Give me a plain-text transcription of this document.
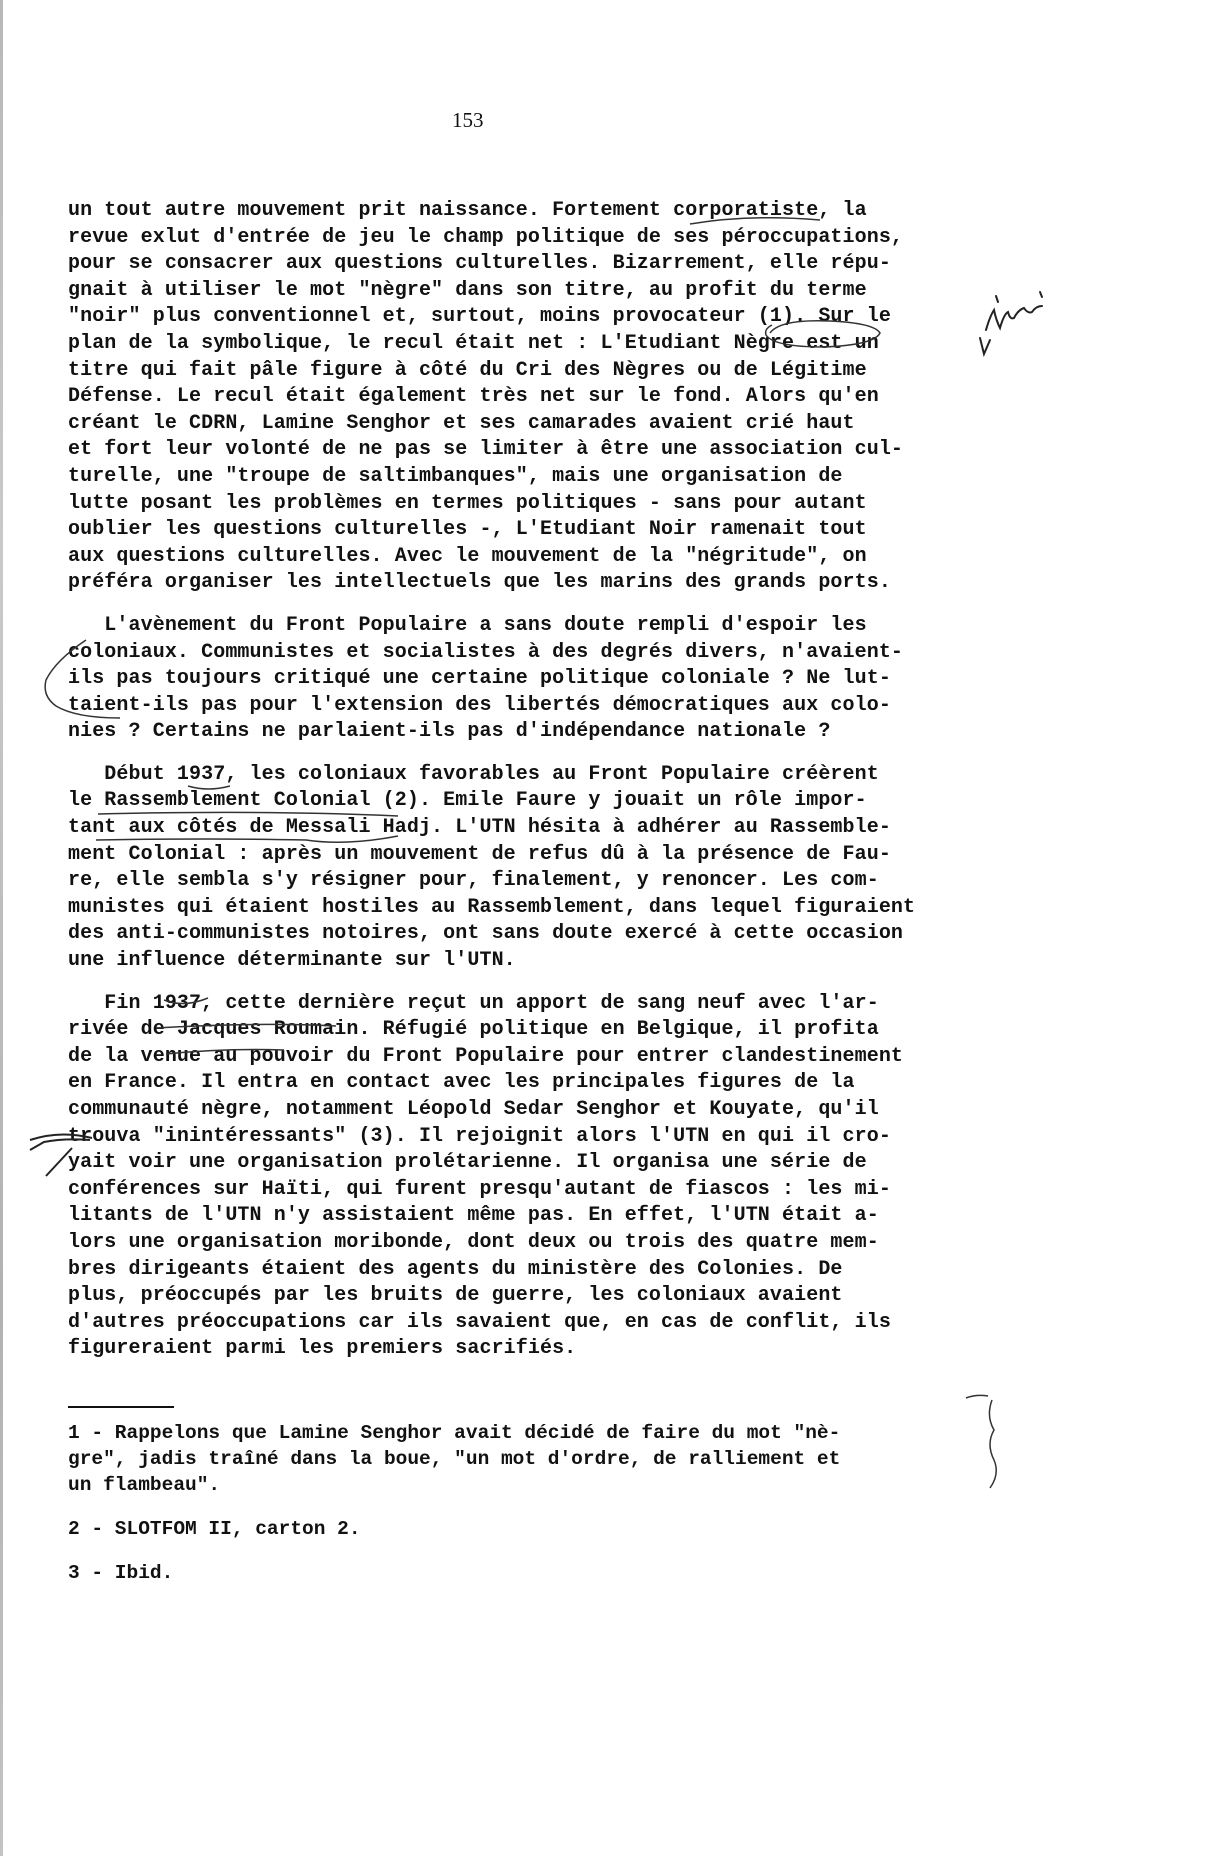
153

un tout autre mouvement prit naissance. Fortement corporatiste, la
revue exlut d'entrée de jeu le champ politique de ses péroccupations,
pour se consacrer aux questions culturelles. Bizarrement, elle répu-
gnait à utiliser le mot "nègre" dans son titre, au profit du terme
"noir" plus conventionnel et, surtout, moins provocateur (1). Sur le
plan de la symbolique, le recul était net : L'Etudiant Nègre est un
titre qui fait pâle figure à côté du Cri des Nègres ou de Légitime
Défense. Le recul était également très net sur le fond. Alors qu'en
créant le CDRN, Lamine Senghor et ses camarades avaient crié haut
et fort leur volonté de ne pas se limiter à être une association cul-
turelle, une "troupe de saltimbanques", mais une organisation de
lutte posant les problèmes en termes politiques - sans pour autant
oublier les questions culturelles -, L'Etudiant Noir ramenait tout
aux questions culturelles. Avec le mouvement de la "négritude", on
préféra organiser les intellectuels que les marins des grands ports.

L'avènement du Front Populaire a sans doute rempli d'espoir les
coloniaux. Communistes et socialistes à des degrés divers, n'avaient-
ils pas toujours critiqué une certaine politique coloniale ? Ne lut-
taient-ils pas pour l'extension des libertés démocratiques aux colo-
nies ? Certains ne parlaient-ils pas d'indépendance nationale ?

Début 1937, les coloniaux favorables au Front Populaire créèrent
le Rassemblement Colonial (2). Emile Faure y jouait un rôle impor-
tant aux côtés de Messali Hadj. L'UTN hésita à adhérer au Rassemble-
ment Colonial : après un mouvement de refus dû à la présence de Fau-
re, elle sembla s'y résigner pour, finalement, y renoncer. Les com-
munistes qui étaient hostiles au Rassemblement, dans lequel figuraient
des anti-communistes notoires, ont sans doute exercé à cette occasion
une influence déterminante sur l'UTN.

Fin 1937, cette dernière reçut un apport de sang neuf avec l'ar-
rivée de Jacques Roumain. Réfugié politique en Belgique, il profita
de la venue au pouvoir du Front Populaire pour entrer clandestinement
en France. Il entra en contact avec les principales figures de la
communauté nègre, notamment Léopold Sedar Senghor et Kouyate, qu'il
trouva "inintéressants" (3). Il rejoignit alors l'UTN en qui il cro-
yait voir une organisation prolétarienne. Il organisa une série de
conférences sur Haïti, qui furent presqu'autant de fiascos : les mi-
litants de l'UTN n'y assistaient même pas. En effet, l'UTN était a-
lors une organisation moribonde, dont deux ou trois des quatre mem-
bres dirigeants étaient des agents du ministère des Colonies. De
plus, préoccupés par les bruits de guerre, les coloniaux avaient
d'autres préoccupations car ils savaient que, en cas de conflit, ils
figureraient parmi les premiers sacrifiés.

1 - Rappelons que Lamine Senghor avait décidé de faire du mot "nè-
gre", jadis traîné dans la boue, "un mot d'ordre, de ralliement et
un flambeau".

2 - SLOTFOM II, carton 2.

3 - Ibid.
